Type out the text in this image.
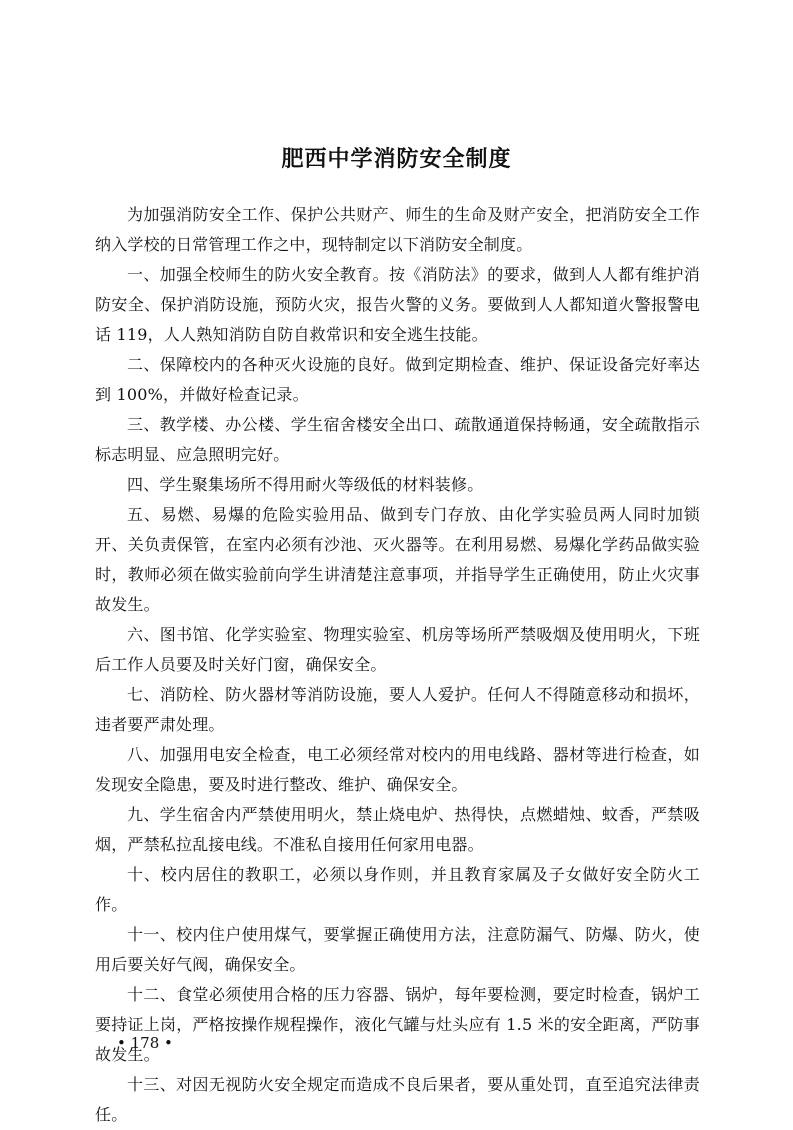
肥西中学消防安全制度

为加强消防安全工作、保护公共财产、师生的生命及财产安全，把消防安全工作纳入学校的日常管理工作之中，现特制定以下消防安全制度。

一、加强全校师生的防火安全教育。按《消防法》的要求，做到人人都有维护消防安全、保护消防设施，预防火灾，报告火警的义务。要做到人人都知道火警报警电话 119，人人熟知消防自防自救常识和安全逃生技能。

二、保障校内的各种灭火设施的良好。做到定期检查、维护、保证设备完好率达到 100%，并做好检查记录。

三、教学楼、办公楼、学生宿舍楼安全出口、疏散通道保持畅通，安全疏散指示标志明显、应急照明完好。

四、学生聚集场所不得用耐火等级低的材料装修。

五、易燃、易爆的危险实验用品、做到专门存放、由化学实验员两人同时加锁开、关负责保管，在室内必须有沙池、灭火器等。在利用易燃、易爆化学药品做实验时，教师必须在做实验前向学生讲清楚注意事项，并指导学生正确使用，防止火灾事故发生。

六、图书馆、化学实验室、物理实验室、机房等场所严禁吸烟及使用明火，下班后工作人员要及时关好门窗，确保安全。

七、消防栓、防火器材等消防设施，要人人爱护。任何人不得随意移动和损坏，违者要严肃处理。

八、加强用电安全检查，电工必须经常对校内的用电线路、器材等进行检查，如发现安全隐患，要及时进行整改、维护、确保安全。

九、学生宿舍内严禁使用明火，禁止烧电炉、热得快，点燃蜡烛、蚊香，严禁吸烟，严禁私拉乱接电线。不准私自接用任何家用电器。

十、校内居住的教职工，必须以身作则，并且教育家属及子女做好安全防火工作。

十一、校内住户使用煤气，要掌握正确使用方法，注意防漏气、防爆、防火，使用后要关好气阀，确保安全。

十二、食堂必须使用合格的压力容器、锅炉，每年要检测，要定时检查，锅炉工要持证上岗，严格按操作规程操作，液化气罐与灶头应有 1.5 米的安全距离，严防事故发生。

十三、对因无视防火安全规定而造成不良后果者，要从重处罚，直至追究法律责任。

• 178 •
